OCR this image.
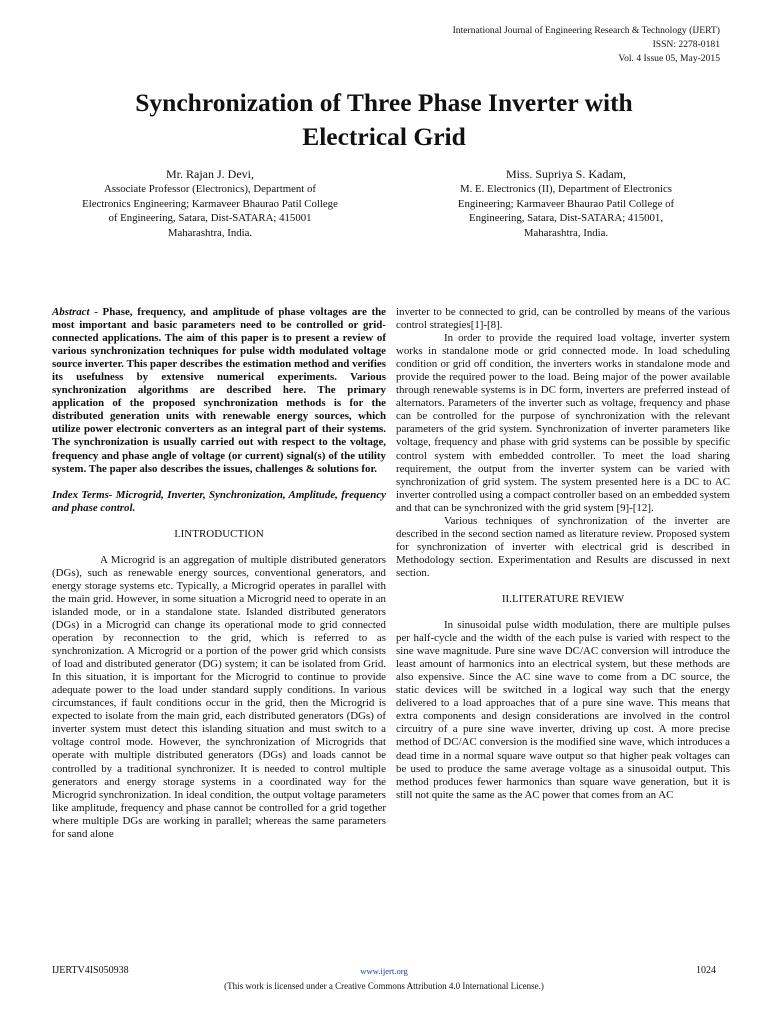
International Journal of Engineering Research & Technology (IJERT)
ISSN: 2278-0181
Vol. 4 Issue 05, May-2015
Synchronization of Three Phase Inverter with
Electrical Grid
Mr. Rajan J. Devi,
Associate Professor (Electronics), Department of
Electronics Engineering; Karmaveer Bhaurao Patil College
of Engineering, Satara, Dist-SATARA; 415001
Maharashtra, India.
Miss. Supriya S. Kadam,
M. E. Electronics (II), Department of Electronics
Engineering; Karmaveer Bhaurao Patil College of
Engineering, Satara, Dist-SATARA; 415001,
Maharashtra, India.

Abstract - Phase, frequency, and amplitude of phase voltages are the most important and basic parameters need to be controlled or grid-connected applications. The aim of this paper is to present a review of various synchronization techniques for pulse width modulated voltage source inverter. This paper describes the estimation method and verifies its usefulness by extensive numerical experiments. Various synchronization algorithms are described here. The primary application of the proposed synchronization methods is for the distributed generation units with renewable energy sources, which utilize power electronic converters as an integral part of their systems. The synchronization is usually carried out with respect to the voltage, frequency and phase angle of voltage (or current) signal(s) of the utility system. The paper also describes the issues, challenges & solutions for.

Index Terms- Microgrid, Inverter, Synchronization, Amplitude, frequency and phase control.

I.INTRODUCTION

A Microgrid is an aggregation of multiple distributed generators (DGs), such as renewable energy sources, conventional generators, and energy storage systems etc. Typically, a Microgrid operates in parallel with the main grid. However, in some situation a Microgrid need to operate in an islanded mode, or in a standalone state. Islanded distributed generators (DGs) in a Microgrid can change its operational mode to grid connected operation by reconnection to the grid, which is referred to as synchronization. A Microgrid or a portion of the power grid which consists of load and distributed generator (DG) system; it can be isolated from Grid. In this situation, it is important for the Microgrid to continue to provide adequate power to the load under standard supply conditions. In various circumstances, if fault conditions occur in the grid, then the Microgrid is expected to isolate from the main grid, each distributed generators (DGs) of inverter system must detect this islanding situation and must switch to a voltage control mode. However, the synchronization of Microgrids that operate with multiple distributed generators (DGs) and loads cannot be controlled by a traditional synchronizer. It is needed to control multiple generators and energy storage systems in a coordinated way for the Microgrid synchronization. In ideal condition, the output voltage parameters like amplitude, frequency and phase cannot be controlled for a grid together where multiple DGs are working in parallel; whereas the same parameters for sand alone

inverter to be connected to grid, can be controlled by means of the various control strategies[1]-[8].

In order to provide the required load voltage, inverter system works in standalone mode or grid connected mode. In load scheduling condition or grid off condition, the inverters works in standalone mode and provide the required power to the load. Being major of the power available through renewable systems is in DC form, inverters are preferred instead of alternators. Parameters of the inverter such as voltage, frequency and phase can be controlled for the purpose of synchronization with the relevant parameters of the grid system. Synchronization of inverter parameters like voltage, frequency and phase with grid systems can be possible by specific control system with embedded controller. To meet the load sharing requirement, the output from the inverter system can be varied with synchronization of grid system. The system presented here is a DC to AC inverter controlled using a compact controller based on an embedded system and that can be synchronized with the grid system [9]-[12].

Various techniques of synchronization of the inverter are described in the second section named as literature review. Proposed system for synchronization of inverter with electrical grid is described in Methodology section. Experimentation and Results are discussed in next section.

II.LITERATURE REVIEW

In sinusoidal pulse width modulation, there are multiple pulses per half-cycle and the width of the each pulse is varied with respect to the sine wave magnitude. Pure sine wave DC/AC conversion will introduce the least amount of harmonics into an electrical system, but these methods are also expensive. Since the AC sine wave to come from a DC source, the static devices will be switched in a logical way such that the energy delivered to a load approaches that of a pure sine wave. This means that extra components and design considerations are involved in the control circuitry of a pure sine wave inverter, driving up cost. A more precise method of DC/AC conversion is the modified sine wave, which introduces a dead time in a normal square wave output so that higher peak voltages can be used to produce the same average voltage as a sinusoidal output. This method produces fewer harmonics than square wave generation, but it is still not quite the same as the AC power that comes from an AC

IJERTV4IS050938	www.ijert.org	1024
(This work is licensed under a Creative Commons Attribution 4.0 International License.)
